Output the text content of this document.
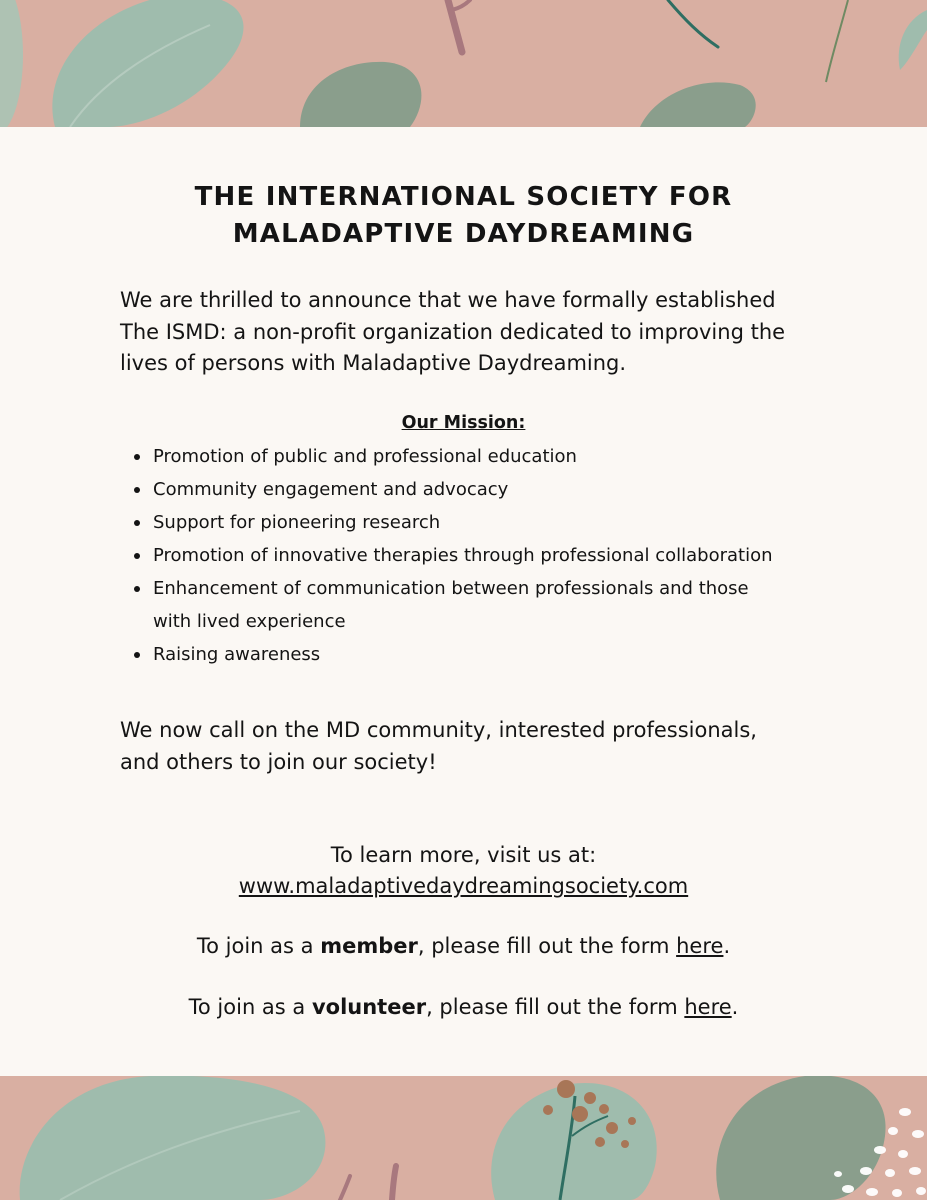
THE INTERNATIONAL SOCIETY FOR
MALADAPTIVE DAYDREAMING

We are thrilled to announce that we have formally established
The ISMD: a non-profit organization dedicated to improving the
lives of persons with Maladaptive Daydreaming.

Our Mission:
Promotion of public and professional education
Community engagement and advocacy
Support for pioneering research
Promotion of innovative therapies through professional collaboration
Enhancement of communication between professionals and those
with lived experience
Raising awareness

We now call on the MD community, interested professionals,
and others to join our society!

To learn more, visit us at:

www.maladaptivedaydreamingsociety.com

To join as a member, please fill out the form here.

To join as a volunteer, please fill out the form here.
